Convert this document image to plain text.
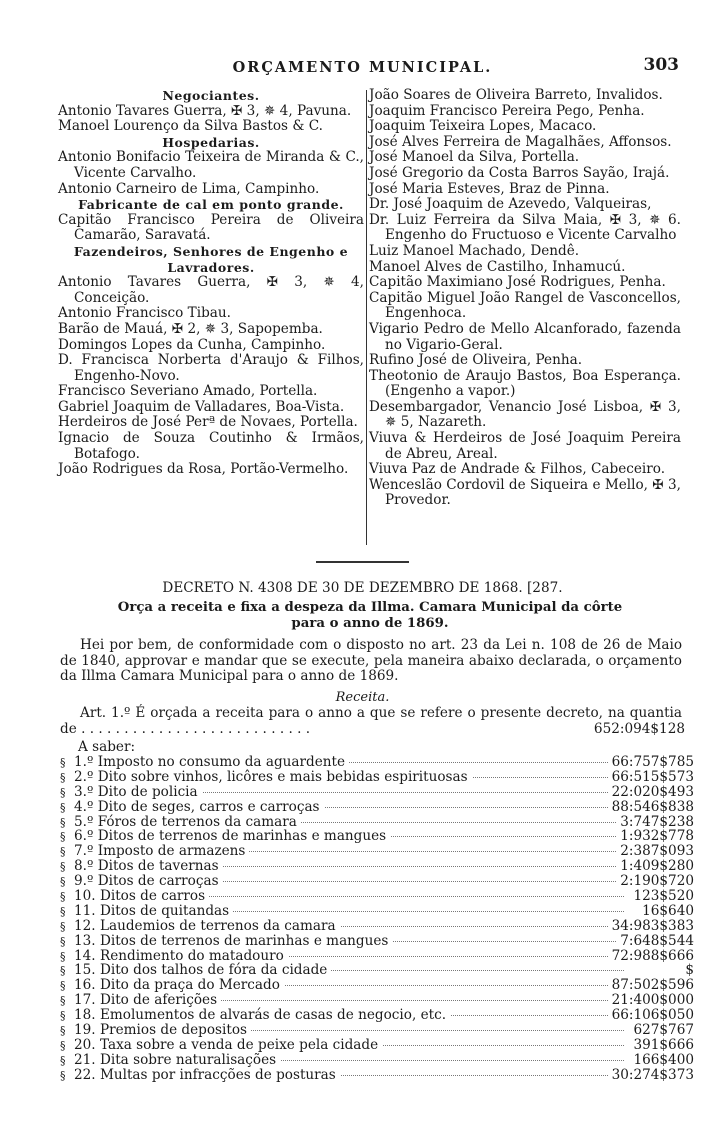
ORÇAMENTO MUNICIPAL.	303
Negociantes.
Antonio Tavares Guerra, ✠ 3, ✵ 4, Pavuna.
Manoel Lourenço da Silva Bastos & C.
Hospedarias.
Antonio Bonifacio Teixeira de Miranda & C., Vicente Carvalho.
Antonio Carneiro de Lima, Campinho.
Fabricante de cal em ponto grande.
Capitão Francisco Pereira de Oliveira Camarão, Saravatá.
Fazendeiros, Senhores de Engenho e Lavradores.
Antonio Tavares Guerra, ✠ 3, ✵ 4, Conceição.
Antonio Francisco Tibau.
Barão de Mauá, ✠ 2, ✵ 3, Sapopemba.
Domingos Lopes da Cunha, Campinho.
D. Francisca Norberta d'Araujo & Filhos, Engenho-Novo.
Francisco Severiano Amado, Portella.
Gabriel Joaquim de Valladares, Boa-Vista.
Herdeiros de José Perª de Novaes, Portella.
Ignacio de Souza Coutinho & Irmãos, Botafogo.
João Rodrigues da Rosa, Portão-Vermelho.
João Soares de Oliveira Barreto, Invalidos.
Joaquim Francisco Pereira Pego, Penha.
Joaquim Teixeira Lopes, Macaco.
José Alves Ferreira de Magalhães, Affonsos.
José Manoel da Silva, Portella.
José Gregorio da Costa Barros Sayão, Irajá.
José Maria Esteves, Braz de Pinna.
Dr. José Joaquim de Azevedo, Valqueiras,
Dr. Luiz Ferreira da Silva Maia, ✠ 3, ✵ 6. Engenho do Fructuoso e Vicente Carvalho
Luiz Manoel Machado, Dendê.
Manoel Alves de Castilho, Inhamucú.
Capitão Maximiano José Rodrigues, Penha.
Capitão Miguel João Rangel de Vasconcellos, Engenhoca.
Vigario Pedro de Mello Alcanforado, fazenda no Vigario-Geral.
Rufino José de Oliveira, Penha.
Theotonio de Araujo Bastos, Boa Esperança. (Engenho a vapor.)
Desembargador, Venancio José Lisboa, ✠ 3, ✵ 5, Nazareth.
Viuva & Herdeiros de José Joaquim Pereira de Abreu, Areal.
Viuva Paz de Andrade & Filhos, Cabeceiro.
Wenceslão Cordovil de Siqueira e Mello, ✠ 3, Provedor.
DECRETO N. 4308 DE 30 DE DEZEMBRO DE 1868. [287.
Orça a receita e fixa a despeza da Illma. Camara Municipal da côrte
para o anno de 1869.
Hei por bem, de conformidade com o disposto no art. 23 da Lei n. 108 de 26 de Maio de 1840, approvar e mandar que se execute, pela maneira abaixo declarada, o orçamento da Illma Camara Municipal para o anno de 1869.
Receita.
Art. 1.º É orçada a receita para o anno a que se refere o presente decreto, na quantia de . . . . . . . . . . . . . . . . . . . . . . . . . . .	652:094$128
A saber:
§ 1.º Imposto no consumo da aguardente	66:757$785
§ 2.º Dito sobre vinhos, licôres e mais bebidas espirituosas	66:515$573
§ 3.º Dito de policia	22:020$493
§ 4.º Dito de seges, carros e carroças	88:546$838
§ 5.º Fóros de terrenos da camara	3:747$238
§ 6.º Ditos de terrenos de marinhas e mangues	1:932$778
§ 7.º Imposto de armazens	2:387$093
§ 8.º Ditos de tavernas	1:409$280
§ 9.º Ditos de carroças	2:190$720
§ 10. Ditos de carros	123$520
§ 11. Ditos de quitandas	16$640
§ 12. Laudemios de terrenos da camara	34:983$383
§ 13. Ditos de terrenos de marinhas e mangues	7:648$544
§ 14. Rendimento do matadouro	72:988$666
§ 15. Dito dos talhos de fóra da cidade	$
§ 16. Dito da praça do Mercado	87:502$596
§ 17. Dito de aferições	21:400$000
§ 18. Emolumentos de alvarás de casas de negocio, etc.	66:106$050
§ 19. Premios de depositos	627$767
§ 20. Taxa sobre a venda de peixe pela cidade	391$666
§ 21. Dita sobre naturalisações	166$400
§ 22. Multas por infracções de posturas	30:274$373
